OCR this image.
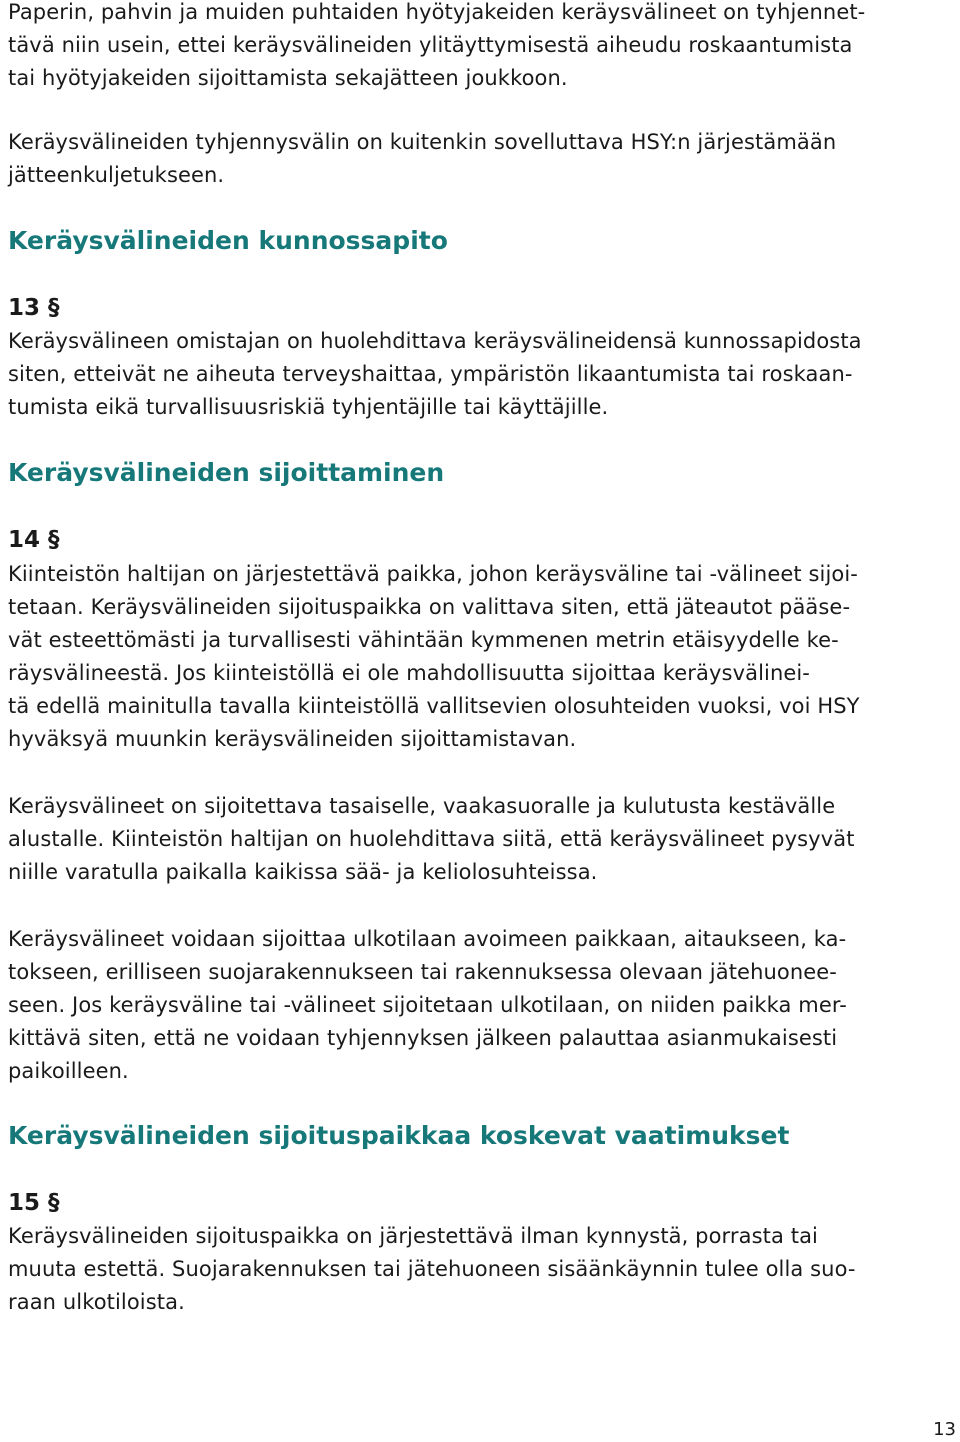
Paperin, pahvin ja muiden puhtaiden hyötyjakeiden keräysvälineet on tyhjennet-
tävä niin usein, ettei keräysvälineiden ylitäyttymisestä aiheudu roskaantumista
tai hyötyjakeiden sijoittamista sekajätteen joukkoon.

Keräysvälineiden tyhjennysvälin on kuitenkin sovelluttava HSY:n järjestämään
jätteenkuljetukseen.

Keräysvälineiden kunnossapito
13 §

Keräysvälineen omistajan on huolehdittava keräysvälineidensä kunnossapidosta
siten, etteivät ne aiheuta terveyshaittaa, ympäristön likaantumista tai roskaan-
tumista eikä turvallisuusriskiä tyhjentäjille tai käyttäjille.

Keräysvälineiden sijoittaminen
14 §

Kiinteistön haltijan on järjestettävä paikka, johon keräysväline tai -välineet sijoi-
tetaan. Keräysvälineiden sijoituspaikka on valittava siten, että jäteautot pääse-
vät esteettömästi ja turvallisesti vähintään kymmenen metrin etäisyydelle ke-
räysvälineestä. Jos kiinteistöllä ei ole mahdollisuutta sijoittaa keräysvälinei-
tä edellä mainitulla tavalla kiinteistöllä vallitsevien olosuhteiden vuoksi, voi HSY
hyväksyä muunkin keräysvälineiden sijoittamistavan.

Keräysvälineet on sijoitettava tasaiselle, vaakasuoralle ja kulutusta kestävälle
alustalle. Kiinteistön haltijan on huolehdittava siitä, että keräysvälineet pysyvät
niille varatulla paikalla kaikissa sää- ja keliolosuhteissa.

Keräysvälineet voidaan sijoittaa ulkotilaan avoimeen paikkaan, aitaukseen, ka-
tokseen, erilliseen suojarakennukseen tai rakennuksessa olevaan jätehuonee-
seen. Jos keräysväline tai -välineet sijoitetaan ulkotilaan, on niiden paikka mer-
kittävä siten, että ne voidaan tyhjennyksen jälkeen palauttaa asianmukaisesti
paikoilleen.

Keräysvälineiden sijoituspaikkaa koskevat vaatimukset
15 §

Keräysvälineiden sijoituspaikka on järjestettävä ilman kynnystä, porrasta tai
muuta estettä. Suojarakennuksen tai jätehuoneen sisäänkäynnin tulee olla suo-
raan ulkotiloista.

13
